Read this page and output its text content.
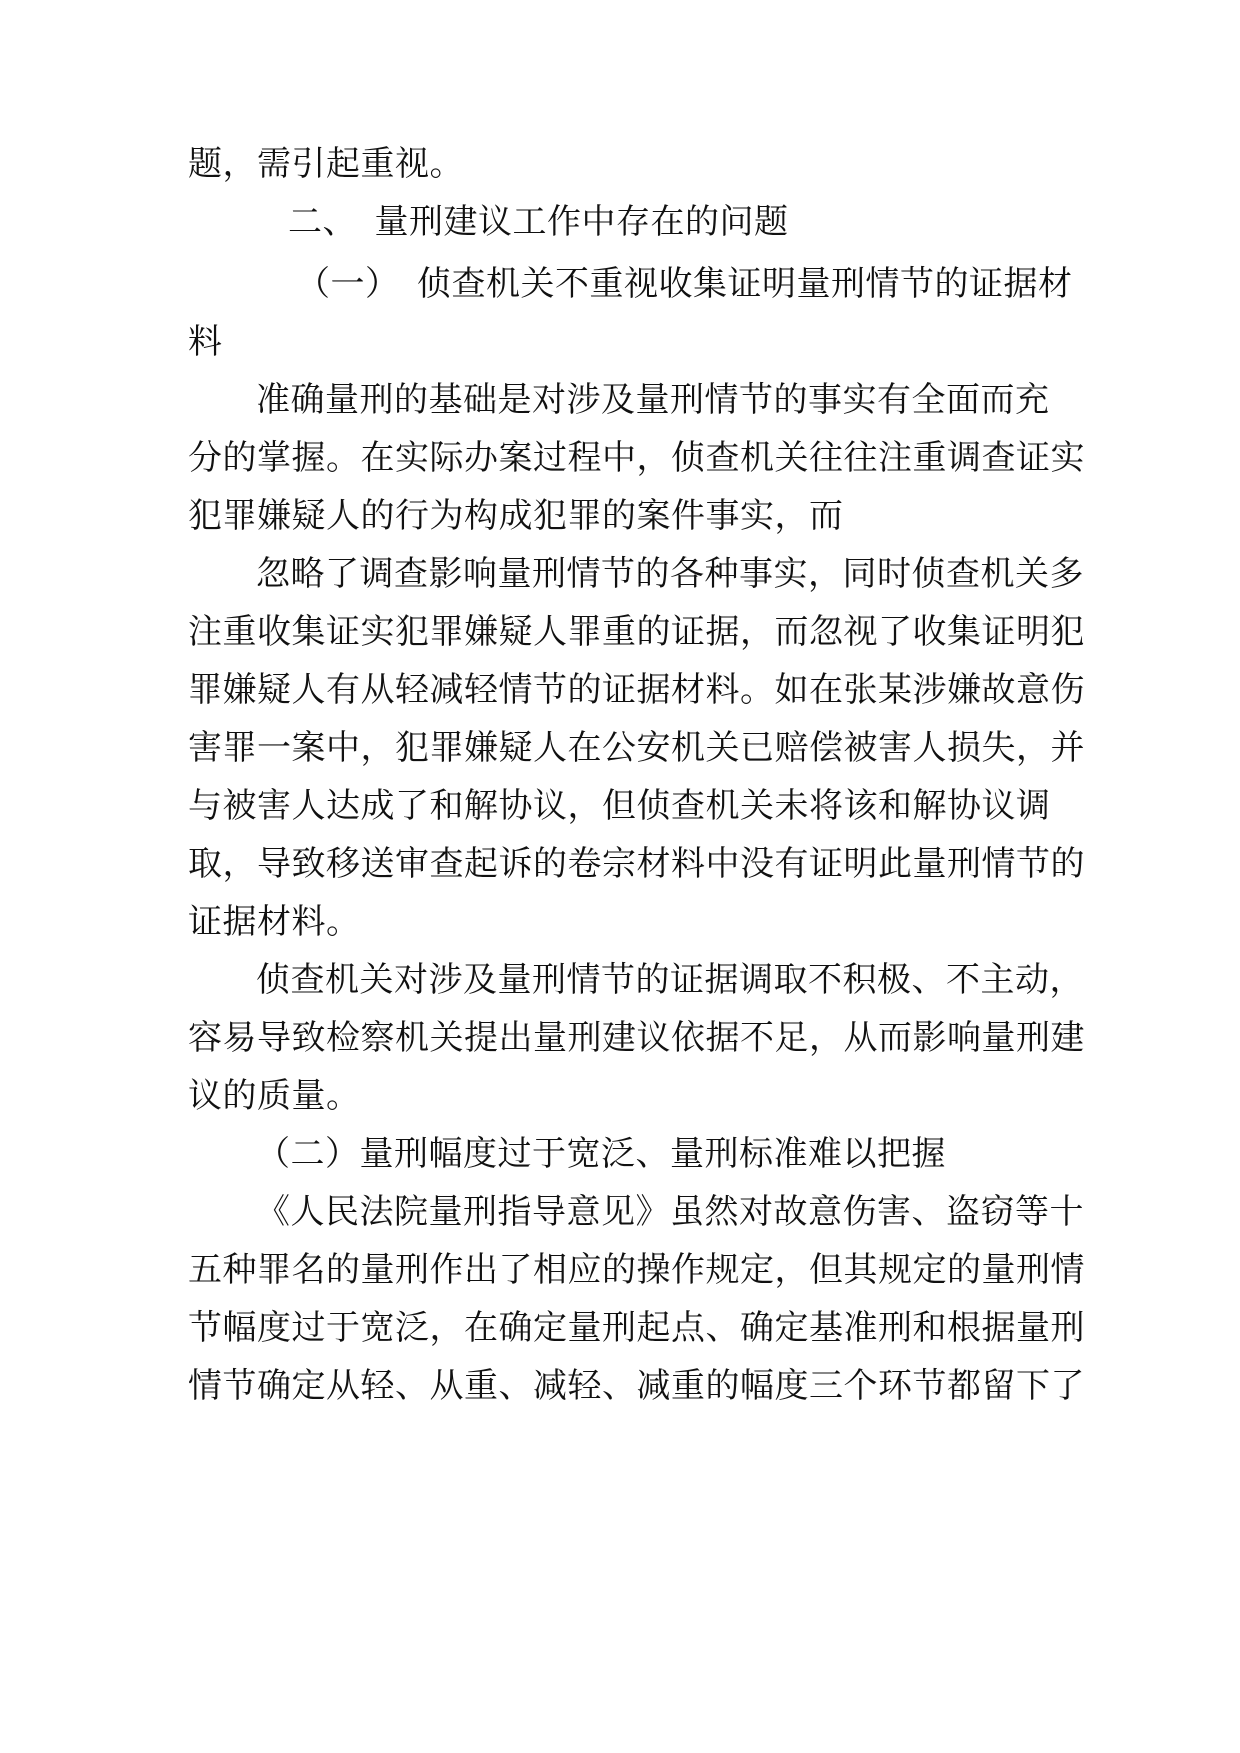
题，需引起重视。
二、　量刑建议工作中存在的问题
（一）　侦查机关不重视收集证明量刑情节的证据材
料
准确量刑的基础是对涉及量刑情节的事实有全面而充
分的掌握。在实际办案过程中，侦查机关往往注重调查证实
犯罪嫌疑人的行为构成犯罪的案件事实，而
忽略了调查影响量刑情节的各种事实，同时侦查机关多
注重收集证实犯罪嫌疑人罪重的证据，而忽视了收集证明犯
罪嫌疑人有从轻减轻情节的证据材料。如在张某涉嫌故意伤
害罪一案中，犯罪嫌疑人在公安机关已赔偿被害人损失，并
与被害人达成了和解协议，但侦查机关未将该和解协议调
取，导致移送审查起诉的卷宗材料中没有证明此量刑情节的
证据材料。
侦查机关对涉及量刑情节的证据调取不积极、不主动，
容易导致检察机关提出量刑建议依据不足，从而影响量刑建
议的质量。
（二）量刑幅度过于宽泛、量刑标准难以把握
《人民法院量刑指导意见》虽然对故意伤害、盗窃等十
五种罪名的量刑作出了相应的操作规定，但其规定的量刑情
节幅度过于宽泛，在确定量刑起点、确定基准刑和根据量刑
情节确定从轻、从重、减轻、减重的幅度三个环节都留下了
